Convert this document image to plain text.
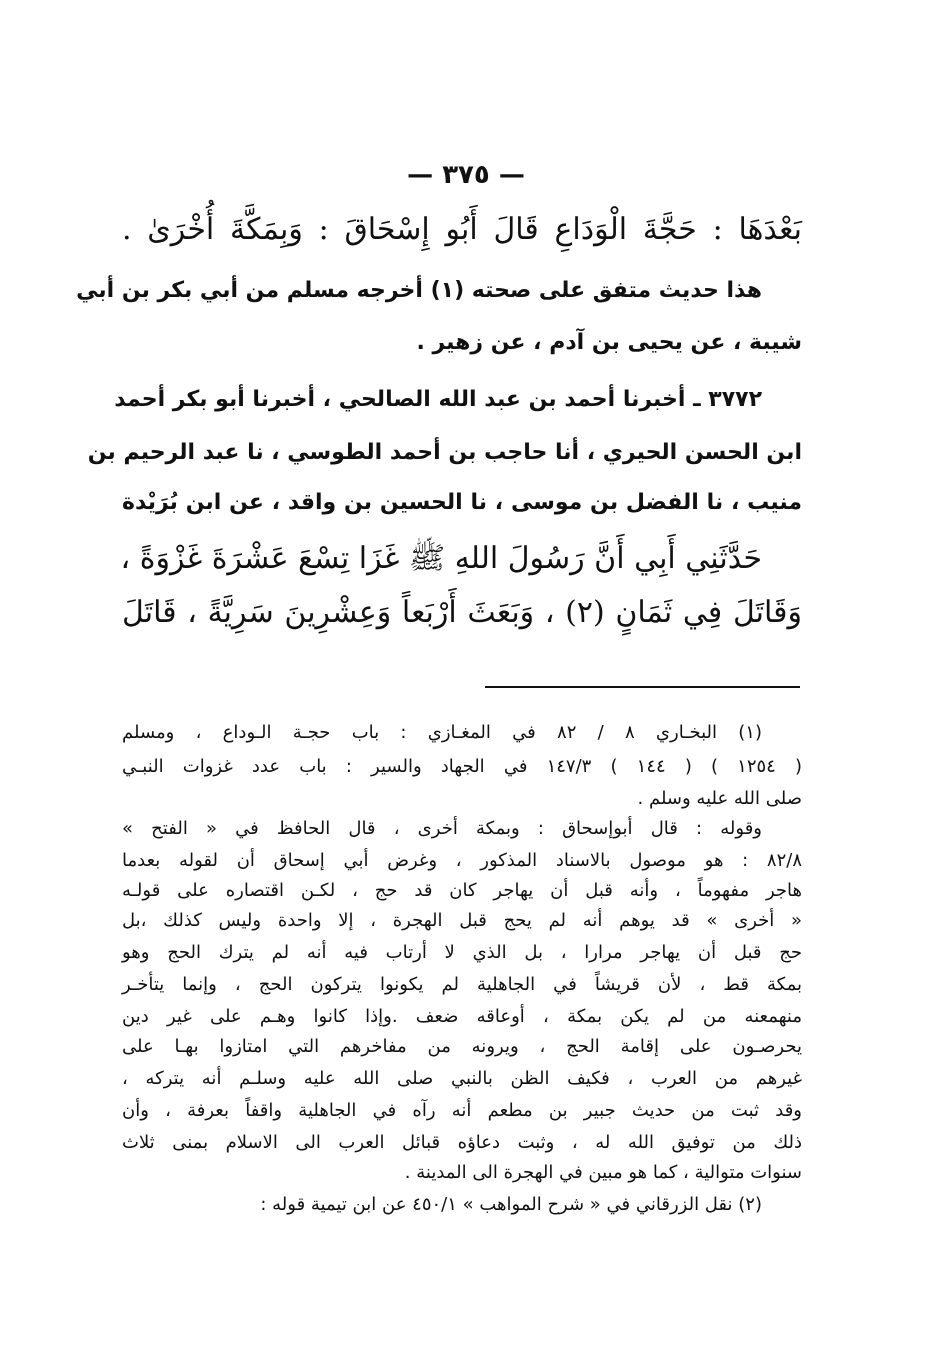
— ٣٧٥ —
بَعْدَهَا : حَجَّةَ الْوَدَاعِ قَالَ أَبُو إِسْحَاقَ : وَبِمَكَّةَ أُخْرَىٰ .
هذا حديث متفق على صحته (١) أخرجه مسلم من أبي بكر بن أبي
شيبة ، عن يحيى بن آدم ، عن زهير .
٣٧٧٢ ـ أخبرنا أحمد بن عبد الله الصالحي ، أخبرنا أبو بكر أحمد
ابن الحسن الحيري ، أنا حاجب بن أحمد الطوسي ، نا عبد الرحيم بن
منيب ، نا الفضل بن موسى ، نا الحسين بن واقد ، عن ابن بُرَيْدة
حَدَّثَنِي أَبِي أَنَّ رَسُولَ اللهِ ﷺ غَزَا تِسْعَ عَشْرَةَ غَزْوَةً ،
وَقَاتَلَ فِي ثَمَانٍ (٢) ، وَبَعَثَ أَرْبَعاً وَعِشْرِينَ سَرِيَّةً ، قَاتَلَ
(١) البخـاري ٨ / ٨٢ في المغـازي : باب حجـة الـوداع ، ومسلم
( ١٢٥٤ ) ( ١٤٤ ) ١٤٧/٣ في الجهاد والسير : باب عدد غزوات النبـي
صلى الله عليه وسلم .
وقوله : قال أبوإسحاق : وبمكة أخرى ، قال الحافظ في « الفتح »
٨٢/٨ : هو موصول بالاسناد المذكور ، وغرض أبي إسحاق أن لقوله بعدما
هاجر مفهوماً ، وأنه قبل أن يهاجر كان قد حج ، لكـن اقتصاره على قولـه
« أخرى » قد يوهم أنه لم يحج قبل الهجرة ، إلا واحدة وليس كذلك ،بل
حج قبل أن يهاجر مرارا ، بل الذي لا أرتاب فيه أنه لم يترك الحج وهو
بمكة قط ، لأن قريشاً في الجاهلية لم يكونوا يتركون الحج ، وإنما يتأخـر
منهمعنه من لم يكن بمكة ، أوعاقه ضعف .وإذا كانوا وهـم على غير دين
يحرصـون على إقامة الحج ، ويرونه من مفاخرهم التي امتازوا بهـا على
غيرهم من العرب ، فكيف الظن بالنبي صلى الله عليه وسلـم أنه يتركه ،
وقد ثبت من حديث جبير بن مطعم أنه رآه في الجاهلية واقفاً بعرفة ، وأن
ذلك من توفيق الله له ، وثبت دعاؤه قبائل العرب الى الاسلام بمنى ثلاث
سنوات متوالية ، كما هو مبين في الهجرة الى المدينة .
(٢) نقل الزرقاني في « شرح المواهب » ٤٥٠/١ عن ابن تيمية قوله :
